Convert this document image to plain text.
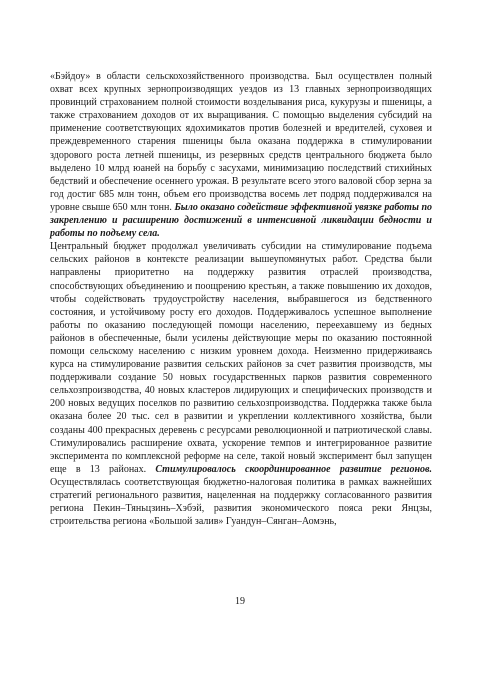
«Бэйдоу» в области сельскохозяйственного производства. Был осуществлен полный охват всех крупных зернопроизводящих уездов из 13 главных зернопроизводящих провинций страхованием полной стоимости возделывания риса, кукурузы и пшеницы, а также страхованием доходов от их выращивания. С помощью выделения субсидий на применение соответствующих ядохимикатов против болезней и вредителей, суховея и преждевременного старения пшеницы была оказана поддержка в стимулировании здорового роста летней пшеницы, из резервных средств центрального бюджета было выделено 10 млрд юаней на борьбу с засухами, минимизацию последствий стихийных бедствий и обеспечение осеннего урожая. В результате всего этого валовой сбор зерна за год достиг 685 млн тонн, объем его производства восемь лет подряд поддерживался на уровне свыше 650 млн тонн. Было оказано содействие эффективной увязке работы по закреплению и расширению достижений в интенсивной ликвидации бедности и работы по подъему села.

Центральный бюджет продолжал увеличивать субсидии на стимулирование подъема сельских районов в контексте реализации вышеупомянутых работ. Средства были направлены приоритетно на поддержку развития отраслей производства, способствующих объединению и поощрению крестьян, а также повышению их доходов, чтобы содействовать трудоустройству населения, выбравшегося из бедственного состояния, и устойчивому росту его доходов. Поддерживалось успешное выполнение работы по оказанию последующей помощи населению, переехавшему из бедных районов в обеспеченные, были усилены действующие меры по оказанию постоянной помощи сельскому населению с низким уровнем дохода. Неизменно придерживаясь курса на стимулирование развития сельских районов за счет развития производств, мы поддерживали создание 50 новых государственных парков развития современного сельхозпроизводства, 40 новых кластеров лидирующих и специфических производств и 200 новых ведущих поселков по развитию сельхозпроизводства. Поддержка также была оказана более 20 тыс. сел в развитии и укреплении коллективного хозяйства, были созданы 400 прекрасных деревень с ресурсами революционной и патриотической славы. Стимулировались расширение охвата, ускорение темпов и интегрированное развитие эксперимента по комплексной реформе на селе, такой новый эксперимент был запущен еще в 13 районах. Стимулировалось скоординированное развитие регионов. Осуществлялась соответствующая бюджетно-налоговая политика в рамках важнейших стратегий регионального развития, нацеленная на поддержку согласованного развития региона Пекин–Тяньцзинь–Хэбэй, развития экономического пояса реки Янцзы, строительства региона «Большой залив» Гуандун–Сянган–Аомэнь,

19
